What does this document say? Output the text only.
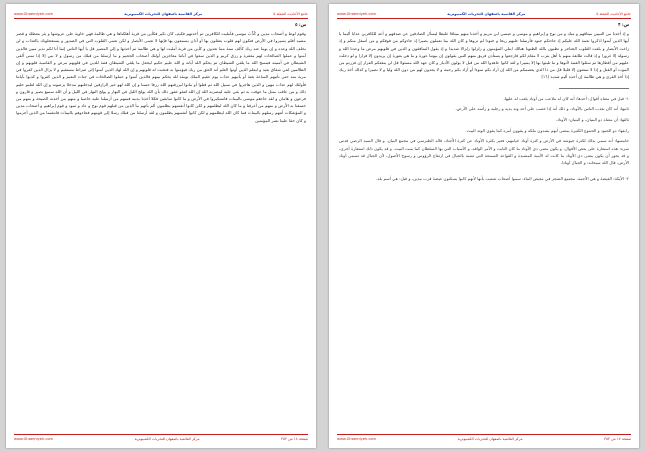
جامع الأحاديث الجملة ٥
مركز القائمية باصفهان للتحريات الكمبيوترية
www.Ghaemiyeh.com
س: ٥

وقوم لوط و أصحاب مدين و كُذِّبَ موسى فأمليت للكافرين ثم أخذتهم فكيف كان نكير فكأين من قرية أهلكناها و هي ظالمة فهي خاوية على عروشها و بئر معطلة و قصر مشيد أفلم يسيروا في الأرض فتكون لهم قلوب يعقلون بها أو آذان يسمعون بها فإنها لا تعمى الأبصار و لكن تعمى القلوب التي في الصدور و يستعجلونك بالعذاب و لن يخلف الله وعده و إن يوما عند ربك كألف سنة مما تعدون و كأين من قرية أمليت لها و هي ظالمة ثم أخذتها و إلي المصير قل يا أيها الناس إنما أنا لكم نذير مبين فالذين آمنوا و عملوا الصالحات لهم مغفرة و رزق كريم و الذين سعوا في آياتنا معاجزين أولئك أصحاب الجحيم و ما أرسلنا من قبلك من رسول و لا نبي إلا إذا تمنى ألقى الشيطان في أمنيته فينسخ الله ما يلقي الشيطان ثم يحكم الله آياته و الله عليم حكيم ليجعل ما يلقي الشيطان فتنة للذين في قلوبهم مرض و القاسية قلوبهم و إن الظالمين لفي شقاق بعيد و ليعلم الذين أوتوا العلم أنه الحق من ربك فيؤمنوا به فتخبت له قلوبهم و إن الله لهاد الذين آمنوا إلى صراط مستقيم و لا يزال الذين كفروا في مرية منه حتى تأتيهم الساعة بغتة أو يأتيهم عذاب يوم عقيم الملك يومئذ لله يحكم بينهم فالذين آمنوا و عملوا الصالحات في جنات النعيم و الذين كفروا و كذبوا بآياتنا فأولئك لهم عذاب مهين و الذين هاجروا في سبيل الله ثم قتلوا أو ماتوا ليرزقنهم الله رزقا حسنا و إن الله لهو خير الرازقين ليدخلنهم مدخلا يرضونه و إن الله لعليم حليم ذلك و من عاقب بمثل ما عوقب به ثم بغي عليه لينصرنه الله إن الله لعفو غفور ذلك بأن الله يولج الليل في النهار و يولج النهار في الليل و أن الله سميع بصير و قارون و فرعون و هامان و لقد جاءهم موسى بالبينات فاستكبروا في الأرض و ما كانوا سابقين فكلا أخذنا بذنبه فمنهم من أرسلنا عليه حاصبا و منهم من أخذته الصيحة و منهم من خسفنا به الأرض و منهم من أغرقنا و ما كان الله ليظلمهم و لكن كانوا أنفسهم يظلمون ألم يأتهم نبأ الذين من قبلهم قوم نوح و عاد و ثمود و قوم إبراهيم و أصحاب مدين و المؤتفكات أتتهم رسلهم بالبينات فما كان الله ليظلمهم و لكن كانوا أنفسهم يظلمون و لقد أرسلنا من قبلك رسلا إلى قومهم فجاءوهم بالبينات فانتقمنا من الذين أجرموا و كان حقا علينا نصر المؤمنين

صفحة ١٨ من ٣٥٣
مركز القائمية باصفهان للتحريات الكمبيوترية
www.Ghaemiyeh.com
جامع الأحاديث الجملة ٥
مركز القائمية باصفهان للتحريات الكمبيوترية
www.Ghaemiyeh.com
س: ۴

و إذ أخذنا من النبيين ميثاقهم و منك و من نوح و إبراهيم و موسى و عيسى ابن مريم و أخذنا منهم ميثاقا غليظا ليسأل الصادقين عن صدقهم و أعد للكافرين عذابا أليما يا أيها الذين آمنوا اذكروا نعمة الله عليكم إذ جاءتكم جنود فأرسلنا عليهم ريحا و جنودا لم تروها و كان الله بما تعملون بصيرا إذ جاءوكم من فوقكم و من أسفل منكم و إذ زاغت الأبصار و بلغت القلوب الحناجر و تظنون بالله الظنونا هنالك ابتلي المؤمنون و زلزلوا زلزالا شديدا و إذ يقول المنافقون و الذين في قلوبهم مرض ما وعدنا الله و رسوله إلا غرورا و إذ قالت طائفة منهم يا أهل يثرب لا مقام لكم فارجعوا و يستأذن فريق منهم النبي يقولون إن بيوتنا عورة و ما هي بعورة إن يريدون إلا فرارا و لو دخلت عليهم من أقطارها ثم سئلوا الفتنة لآتوها و ما تلبثوا بها إلا يسيرا و لقد كانوا عاهدوا الله من قبل لا يولون الأدبار و كان عهد الله مسئولا قل لن ينفعكم الفرار إن فررتم من الموت أو القتل و إذا لا تمتعون إلا قليلا قل من ذا الذي يعصمكم من الله إن أراد بكم سوءا أو أراد بكم رحمة و لا يجدون لهم من دون الله وليا و لا نصيرا و كذلك أخذ ربك إذا أخذ القرى و هي ظالمة إن أخذه أليم شديد (١٦)

١- قيل في معناه أقوال: أحدها: أنه كان له ملاعب من أوتاد يلعب له عليها.

ثانيها: أنه كان يعذب الناس بالأوتاد، و ذلك أنه إذا غضب على أحد وتد يديه و رجليه و رأسه على الأرض.

ثالثها: أن معناه ذو البنيان، و البنيان: الأوتاد.

رابعها: ذو الجنود و الجموع الكثيرة بمعنى أنهم يشدون ملكه و يقوون أمره كما يقوي الوتد البيت.

خامسها: أنه سمي بذلك لكثرة جيوشه في الأرض و كثرة أوتاد خيامهم، فعبر بكثرة الأوتاد عن كثرة الأجناد، قاله الطبرسي في مجمع البيان. و قال السيد الرضي قدس سره: هذه استعارة على بعض الأقوال، و يكون معنى ذي الأوتاد ما كان الثابت و الأمر الواقد، و الأسباب التي بها السلطان كما يثبت البيت، و قد يكون ذلك استعارة أخرى، و قد يجوز أن يكون معنى ذي الأوتاد ما كانت له الأبنية المشيدة و القواعد السمحة التي تشبه بالجبال في ارتفاع الرؤوس و رسوخ الأصول، لأن الجبال قد تسمى أوتاد الأرض، قال الله سبحانه: و الجبال أوتادا.

٢- الأيكة: الغيضة و هي الأجمة. مجتمع الشجر في مغيض الماء، سموا أصحاب شعيب بأنها لأنهم كانوا يسكنون غيضة قرب مدين، و قيل: هي أسم بلد.

صفحة ١٧ من ٣٥٣
مركز القائمية باصفهان للتحريات الكمبيوترية
www.Ghaemiyeh.com
